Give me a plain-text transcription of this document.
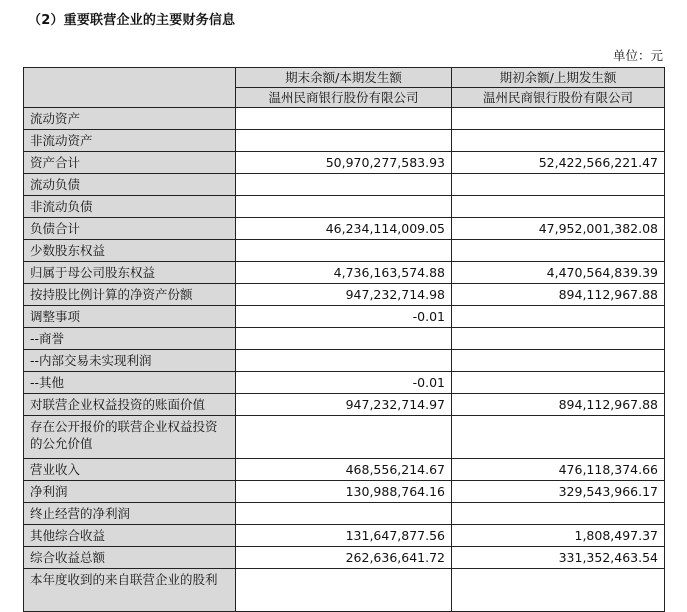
（2）重要联营企业的主要财务信息
单位：元
	期末余额/本期发生额	期初余额/上期发生额
	温州民商银行股份有限公司	温州民商银行股份有限公司
流动资产		
非流动资产		
资产合计	50,970,277,583.93	52,422,566,221.47
流动负债		
非流动负债		
负债合计	46,234,114,009.05	47,952,001,382.08
少数股东权益		
归属于母公司股东权益	4,736,163,574.88	4,470,564,839.39
按持股比例计算的净资产份额	947,232,714.98	894,112,967.88
调整事项	-0.01	
--商誉		
--内部交易未实现利润		
--其他	-0.01	
对联营企业权益投资的账面价值	947,232,714.97	894,112,967.88
存在公开报价的联营企业权益投资的公允价值		
营业收入	468,556,214.67	476,118,374.66
净利润	130,988,764.16	329,543,966.17
终止经营的净利润		
其他综合收益	131,647,877.56	1,808,497.37
综合收益总额	262,636,641.72	331,352,463.54
本年度收到的来自联营企业的股利		
